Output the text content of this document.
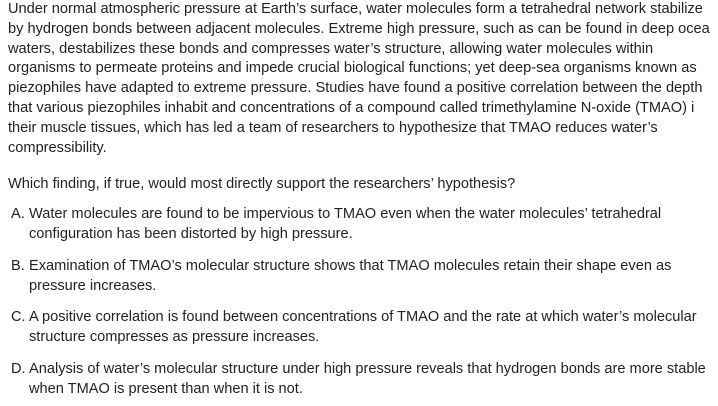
Under normal atmospheric pressure at Earth’s surface, water molecules form a tetrahedral network stabilize
by hydrogen bonds between adjacent molecules. Extreme high pressure, such as can be found in deep ocea
waters, destabilizes these bonds and compresses water’s structure, allowing water molecules within
organisms to permeate proteins and impede crucial biological functions; yet deep-sea organisms known as
piezophiles have adapted to extreme pressure. Studies have found a positive correlation between the depth
that various piezophiles inhabit and concentrations of a compound called trimethylamine N-oxide (TMAO) i
their muscle tissues, which has led a team of researchers to hypothesize that TMAO reduces water’s
compressibility.
Which finding, if true, would most directly support the researchers’ hypothesis?
A. Water molecules are found to be impervious to TMAO even when the water molecules’ tetrahedral
configuration has been distorted by high pressure.
B. Examination of TMAO’s molecular structure shows that TMAO molecules retain their shape even as
pressure increases.
C. A positive correlation is found between concentrations of TMAO and the rate at which water’s molecular
structure compresses as pressure increases.
D. Analysis of water’s molecular structure under high pressure reveals that hydrogen bonds are more stable
when TMAO is present than when it is not.
